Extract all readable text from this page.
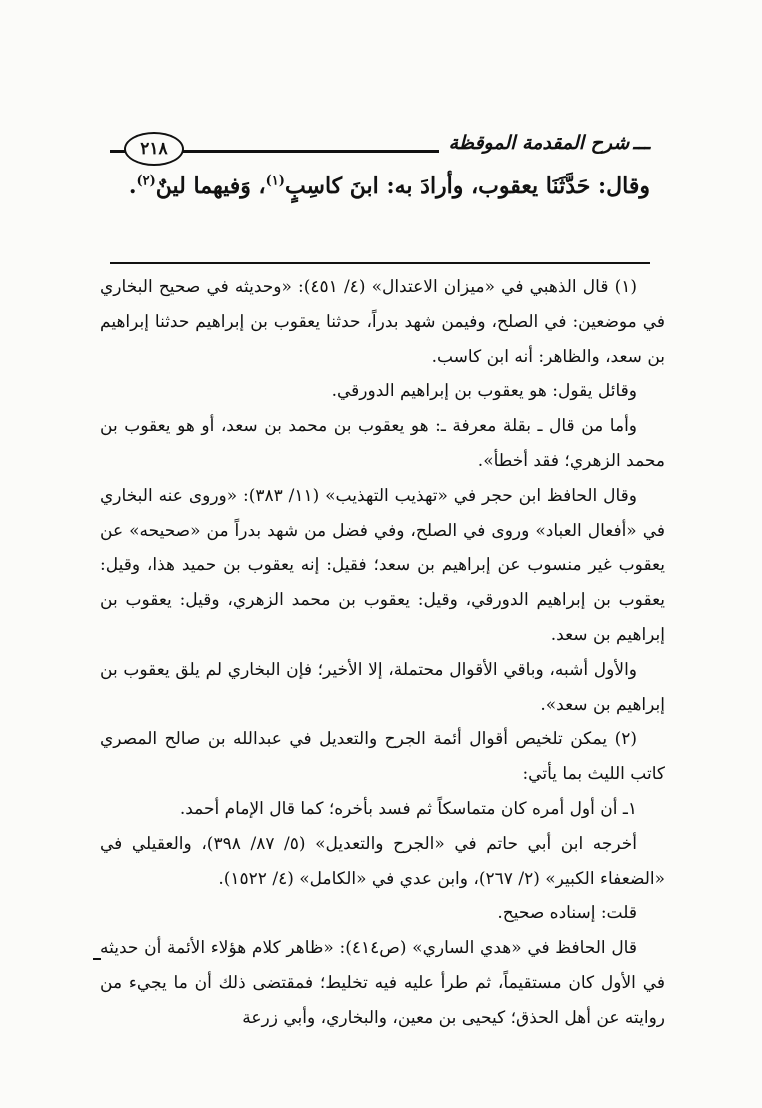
٢١٨	ـــ
شرح المقدمة الموقظة
وقال: حَدَّثَنَا يعقوب، وأرادَ به: ابنَ كاسِبٍ$^{(١)}$، وَفيهما لينٌ$^{(٢)}$.

(١) قال الذهبي في «ميزان الاعتدال» (٤/ ٤٥١): «وحديثه في صحيح البخاري في موضعين: في الصلح، وفيمن شهد بدراً، حدثنا يعقوب بن إبراهيم حدثنا إبراهيم بن سعد، والظاهر: أنه ابن كاسب.

وقائل يقول: هو يعقوب بن إبراهيم الدورقي.

وأما من قال ـ بقلة معرفة ـ: هو يعقوب بن محمد بن سعد، أو هو يعقوب بن محمد الزهري؛ فقد أخطأ».

وقال الحافظ ابن حجر في «تهذيب التهذيب» (١١/ ٣٨٣): «وروى عنه البخاري في «أفعال العباد» وروى في الصلح، وفي فضل من شهد بدراً من «صحيحه» عن يعقوب غير منسوب عن إبراهيم بن سعد؛ فقيل: إنه يعقوب بن حميد هذا، وقيل: يعقوب بن إبراهيم الدورقي، وقيل: يعقوب بن محمد الزهري، وقيل: يعقوب بن إبراهيم بن سعد.

والأول أشبه، وباقي الأقوال محتملة، إلا الأخير؛ فإن البخاري لم يلق يعقوب بن إبراهيم بن سعد».

(٢) يمكن تلخيص أقوال أئمة الجرح والتعديل في عبدالله بن صالح المصري كاتب الليث بما يأتي:

١ـ أن أول أمره كان متماسكاً ثم فسد بأخره؛ كما قال الإمام أحمد.

أخرجه ابن أبي حاتم في «الجرح والتعديل» (٥/ ٨٧/ ٣٩٨)، والعقيلي في «الضعفاء الكبير» (٢/ ٢٦٧)، وابن عدي في «الكامل» (٤/ ١٥٢٢).

قلت: إسناده صحيح.

قال الحافظ في «هدي الساري» (ص٤١٤): «ظاهر كلام هؤلاء الأئمة أن حديثه في الأول كان مستقيماً، ثم طرأ عليه فيه تخليط؛ فمقتضى ذلك أن ما يجيء من روايته عن أهل الحذق؛ كيحيى بن معين، والبخاري، وأبي زرعة
